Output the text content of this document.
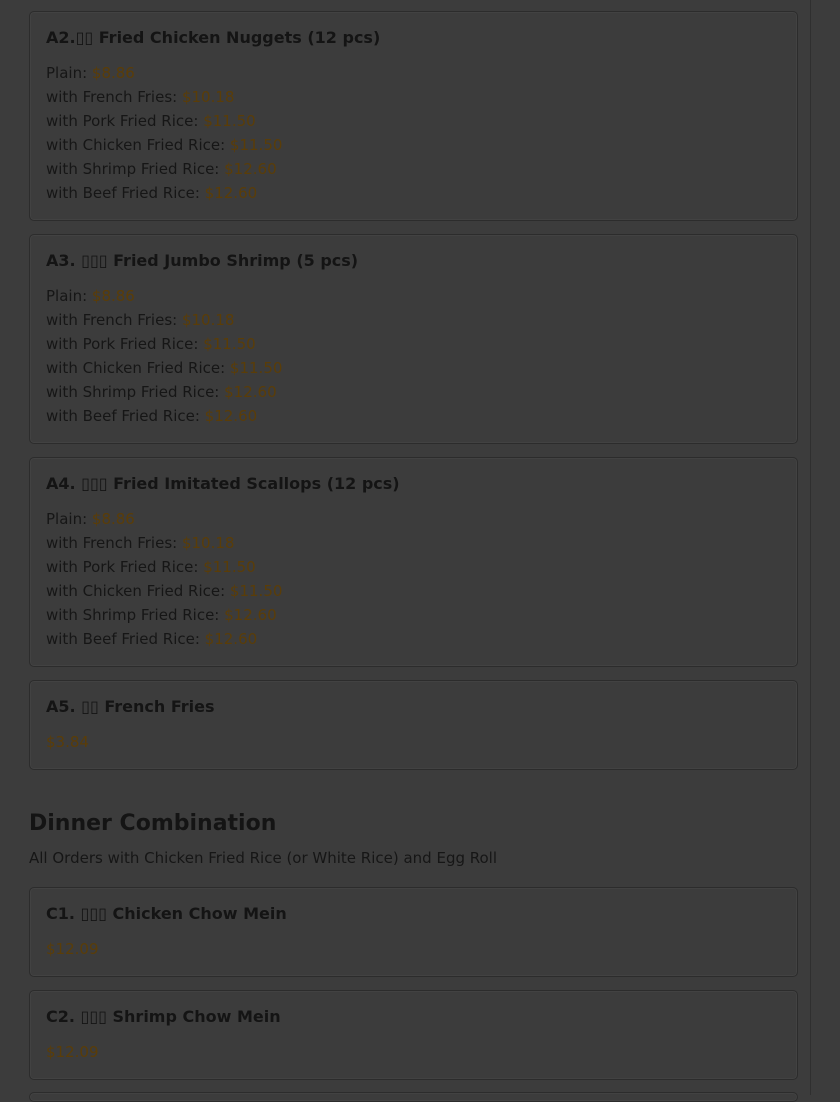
A2.▯▯ Fried Chicken Nuggets (12 pcs)
Plain: $8.86
with French Fries: $10.18
with Pork Fried Rice: $11.50
with Chicken Fried Rice: $11.50
with Shrimp Fried Rice: $12.60
with Beef Fried Rice: $12.60
A3. ▯▯▯ Fried Jumbo Shrimp (5 pcs)
Plain: $8.86
with French Fries: $10.18
with Pork Fried Rice: $11.50
with Chicken Fried Rice: $11.50
with Shrimp Fried Rice: $12.60
with Beef Fried Rice: $12.60
A4. ▯▯▯ Fried Imitated Scallops (12 pcs)
Plain: $8.86
with French Fries: $10.18
with Pork Fried Rice: $11.50
with Chicken Fried Rice: $11.50
with Shrimp Fried Rice: $12.60
with Beef Fried Rice: $12.60
A5. ▯▯ French Fries
$3.84
Dinner Combination
All Orders with Chicken Fried Rice (or White Rice) and Egg Roll
C1. ▯▯▯ Chicken Chow Mein
$12.09
C2. ▯▯▯ Shrimp Chow Mein
$12.09
